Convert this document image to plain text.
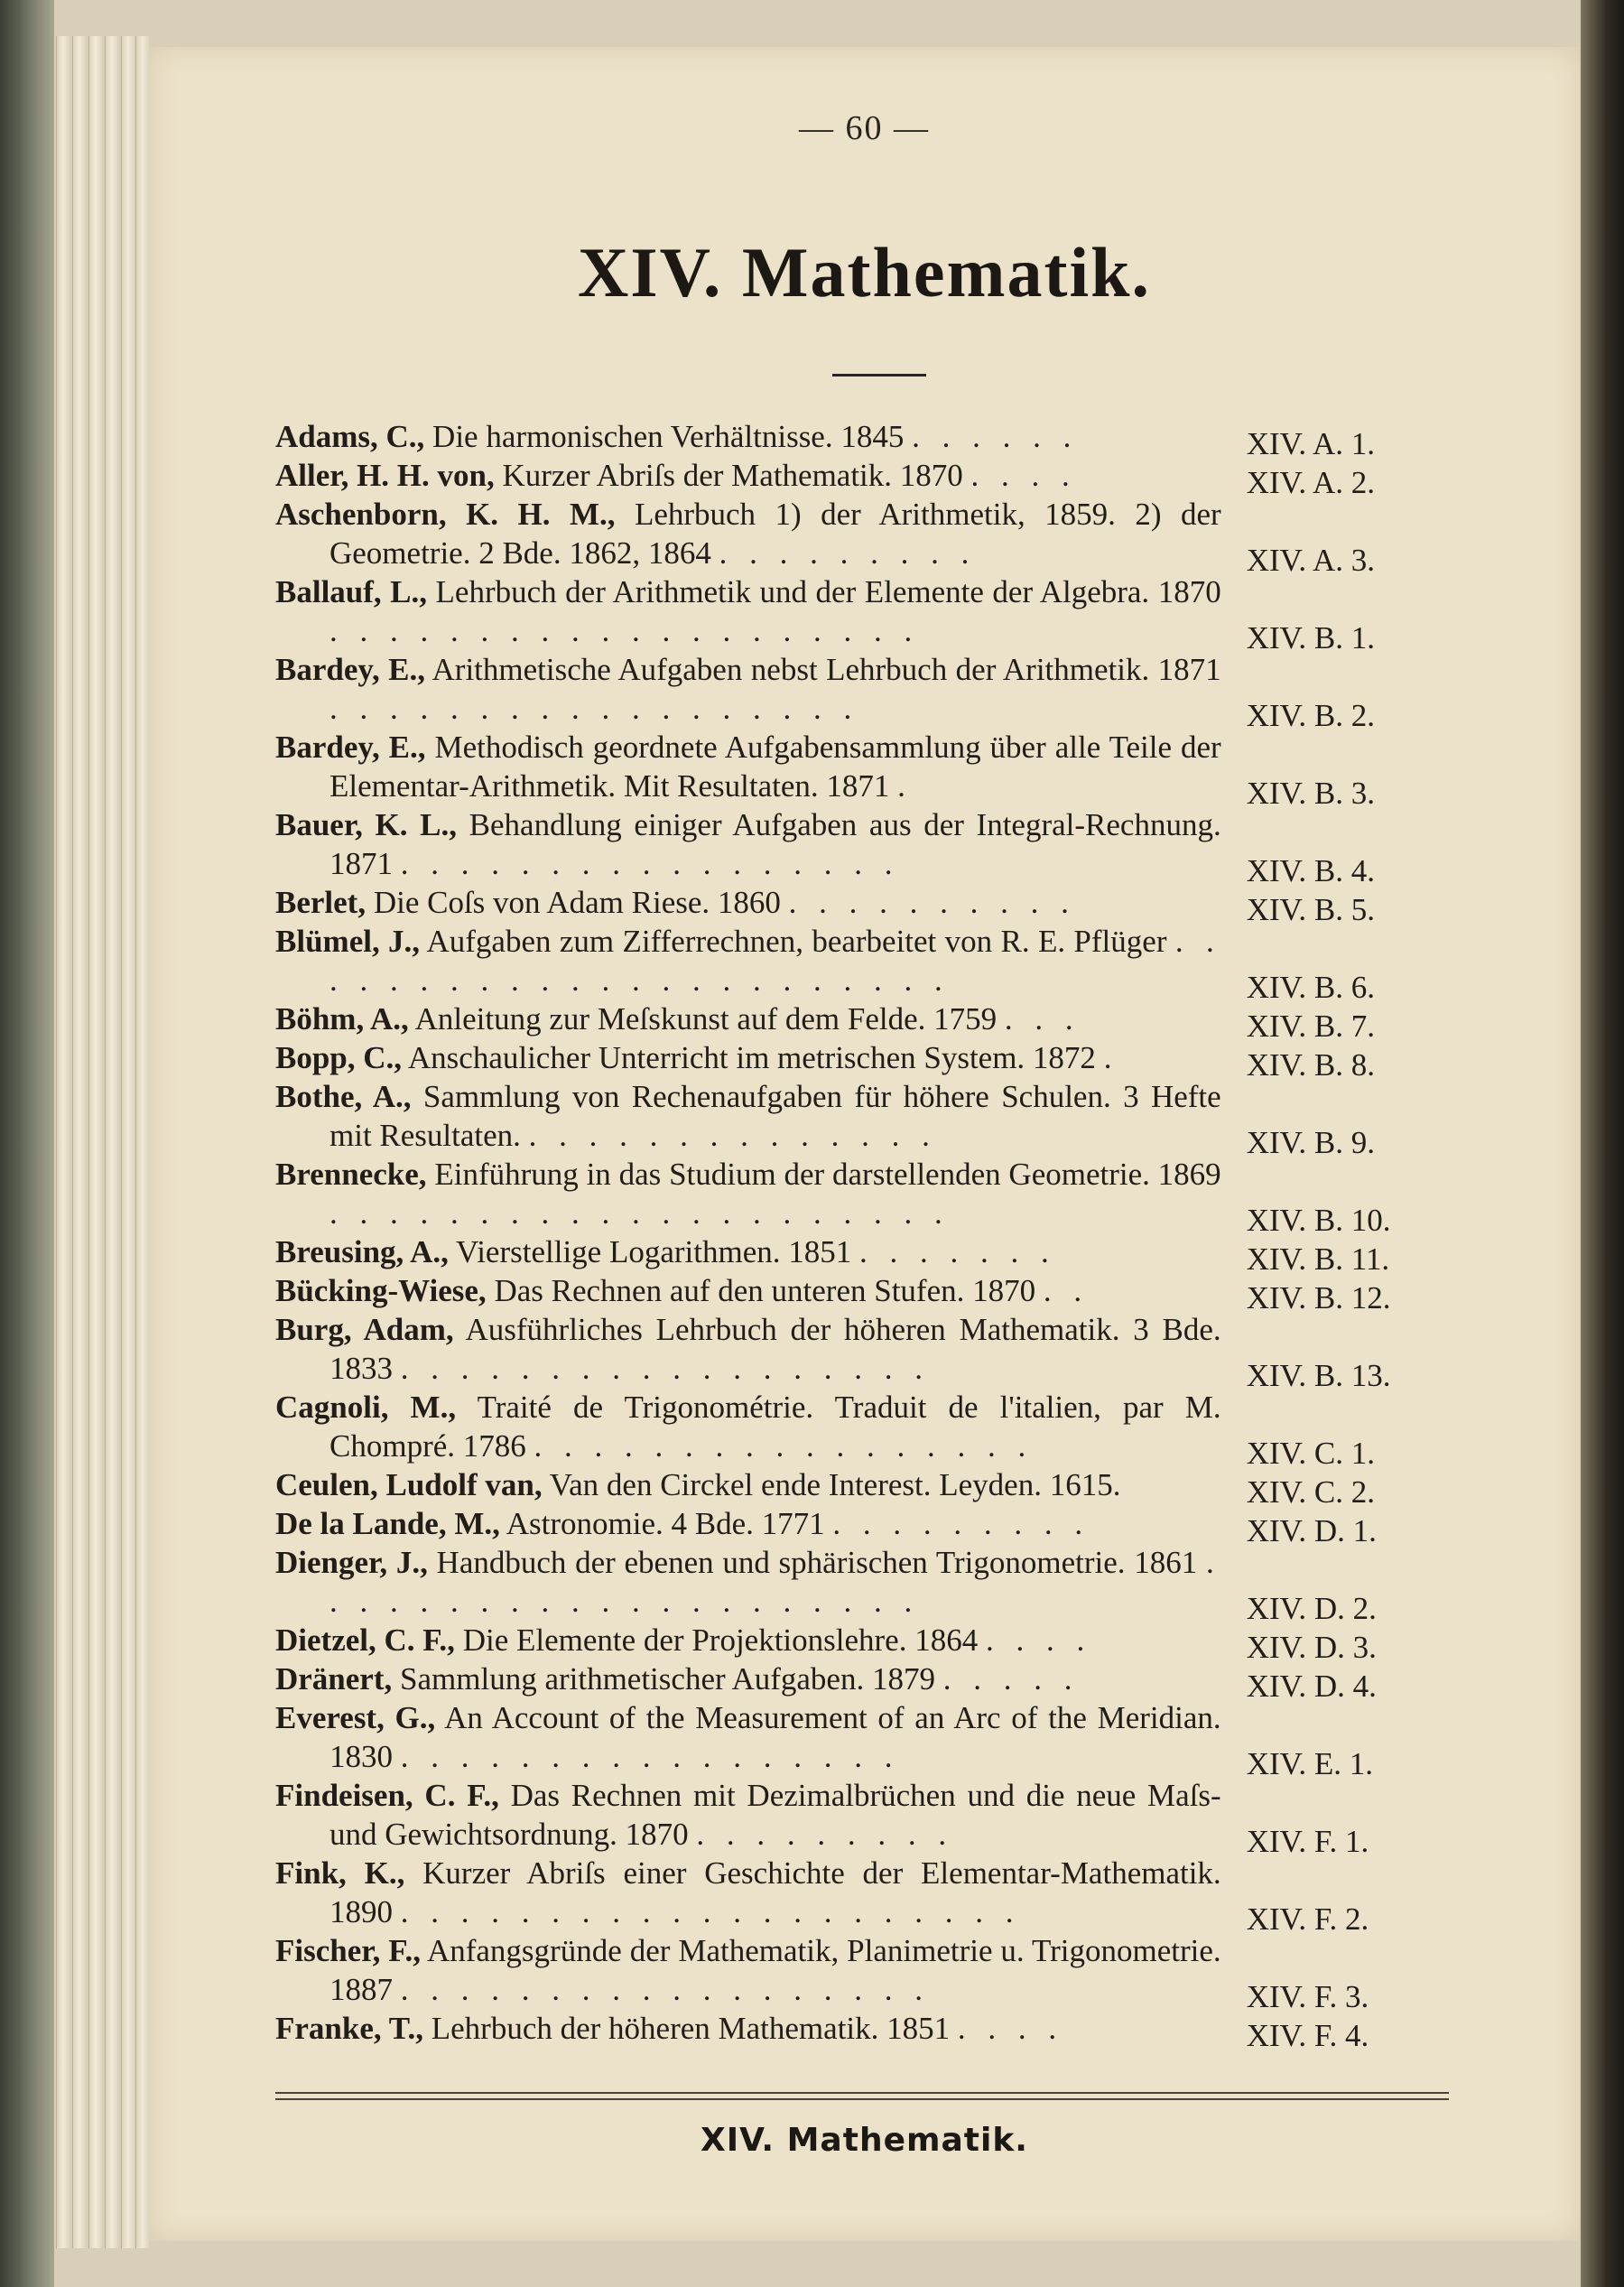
— 60 —
XIV. Mathematik.
Adams, C., Die harmonischen Verhältnisse. 1845 . . . . . .	XIV. A. 1.
Aller, H. H. von, Kurzer Abriſs der Mathematik. 1870 . . . .	XIV. A. 2.
Aschenborn, K. H. M., Lehrbuch 1) der Arithmetik, 1859. 2) der Geometrie. 2 Bde. 1862, 1864 . . . . . . . . .	XIV. A. 3.
Ballauf, L., Lehrbuch der Arithmetik und der Elemente der Algebra. 1870 . . . . . . . . . . . . . . . . . . . .	XIV. B. 1.
Bardey, E., Arithmetische Aufgaben nebst Lehrbuch der Arithmetik. 1871 . . . . . . . . . . . . . . . . . .	XIV. B. 2.
Bardey, E., Methodisch geordnete Aufgabensammlung über alle Teile der Elementar-Arithmetik. Mit Resultaten. 1871 .	XIV. B. 3.
Bauer, K. L., Behandlung einiger Aufgaben aus der Integral-Rechnung. 1871 . . . . . . . . . . . . . . . . .	XIV. B. 4.
Berlet, Die Coſs von Adam Riese. 1860 . . . . . . . . . .	XIV. B. 5.
Blümel, J., Aufgaben zum Zifferrechnen, bearbeitet von R. E. Pflüger . . . . . . . . . . . . . . . . . . . . . . .	XIV. B. 6.
Böhm, A., Anleitung zur Meſskunst auf dem Felde. 1759 . . .	XIV. B. 7.
Bopp, C., Anschaulicher Unterricht im metrischen System. 1872 .	XIV. B. 8.
Bothe, A., Sammlung von Rechenaufgaben für höhere Schulen. 3 Hefte mit Resultaten. . . . . . . . . . . . . . .	XIV. B. 9.
Brennecke, Einführung in das Studium der darstellenden Geometrie. 1869 . . . . . . . . . . . . . . . . . . . . .	XIV. B. 10.
Breusing, A., Vierstellige Logarithmen. 1851 . . . . . . .	XIV. B. 11.
Bücking-Wiese, Das Rechnen auf den unteren Stufen. 1870 . .	XIV. B. 12.
Burg, Adam, Ausführliches Lehrbuch der höheren Mathematik. 3 Bde. 1833 . . . . . . . . . . . . . . . . . .	XIV. B. 13.
Cagnoli, M., Traité de Trigonométrie. Traduit de l'italien, par M. Chompré. 1786 . . . . . . . . . . . . . . . . .	XIV. C. 1.
Ceulen, Ludolf van, Van den Circkel ende Interest. Leyden. 1615.	XIV. C. 2.
De la Lande, M., Astronomie. 4 Bde. 1771 . . . . . . . . .	XIV. D. 1.
Dienger, J., Handbuch der ebenen und sphärischen Trigonometrie. 1861 . . . . . . . . . . . . . . . . . . . . .	XIV. D. 2.
Dietzel, C. F., Die Elemente der Projektionslehre. 1864 . . . .	XIV. D. 3.
Dränert, Sammlung arithmetischer Aufgaben. 1879 . . . . .	XIV. D. 4.
Everest, G., An Account of the Measurement of an Arc of the Meridian. 1830 . . . . . . . . . . . . . . . . .	XIV. E. 1.
Findeisen, C. F., Das Rechnen mit Dezimalbrüchen und die neue Maſs- und Gewichtsordnung. 1870 . . . . . . . . .	XIV. F. 1.
Fink, K., Kurzer Abriſs einer Geschichte der Elementar-Mathematik. 1890 . . . . . . . . . . . . . . . . . . . . .	XIV. F. 2.
Fischer, F., Anfangsgründe der Mathematik, Planimetrie u. Trigonometrie. 1887 . . . . . . . . . . . . . . . . . .	XIV. F. 3.
Franke, T., Lehrbuch der höheren Mathematik. 1851 . . . .	XIV. F. 4.
XIV. Mathematik.
